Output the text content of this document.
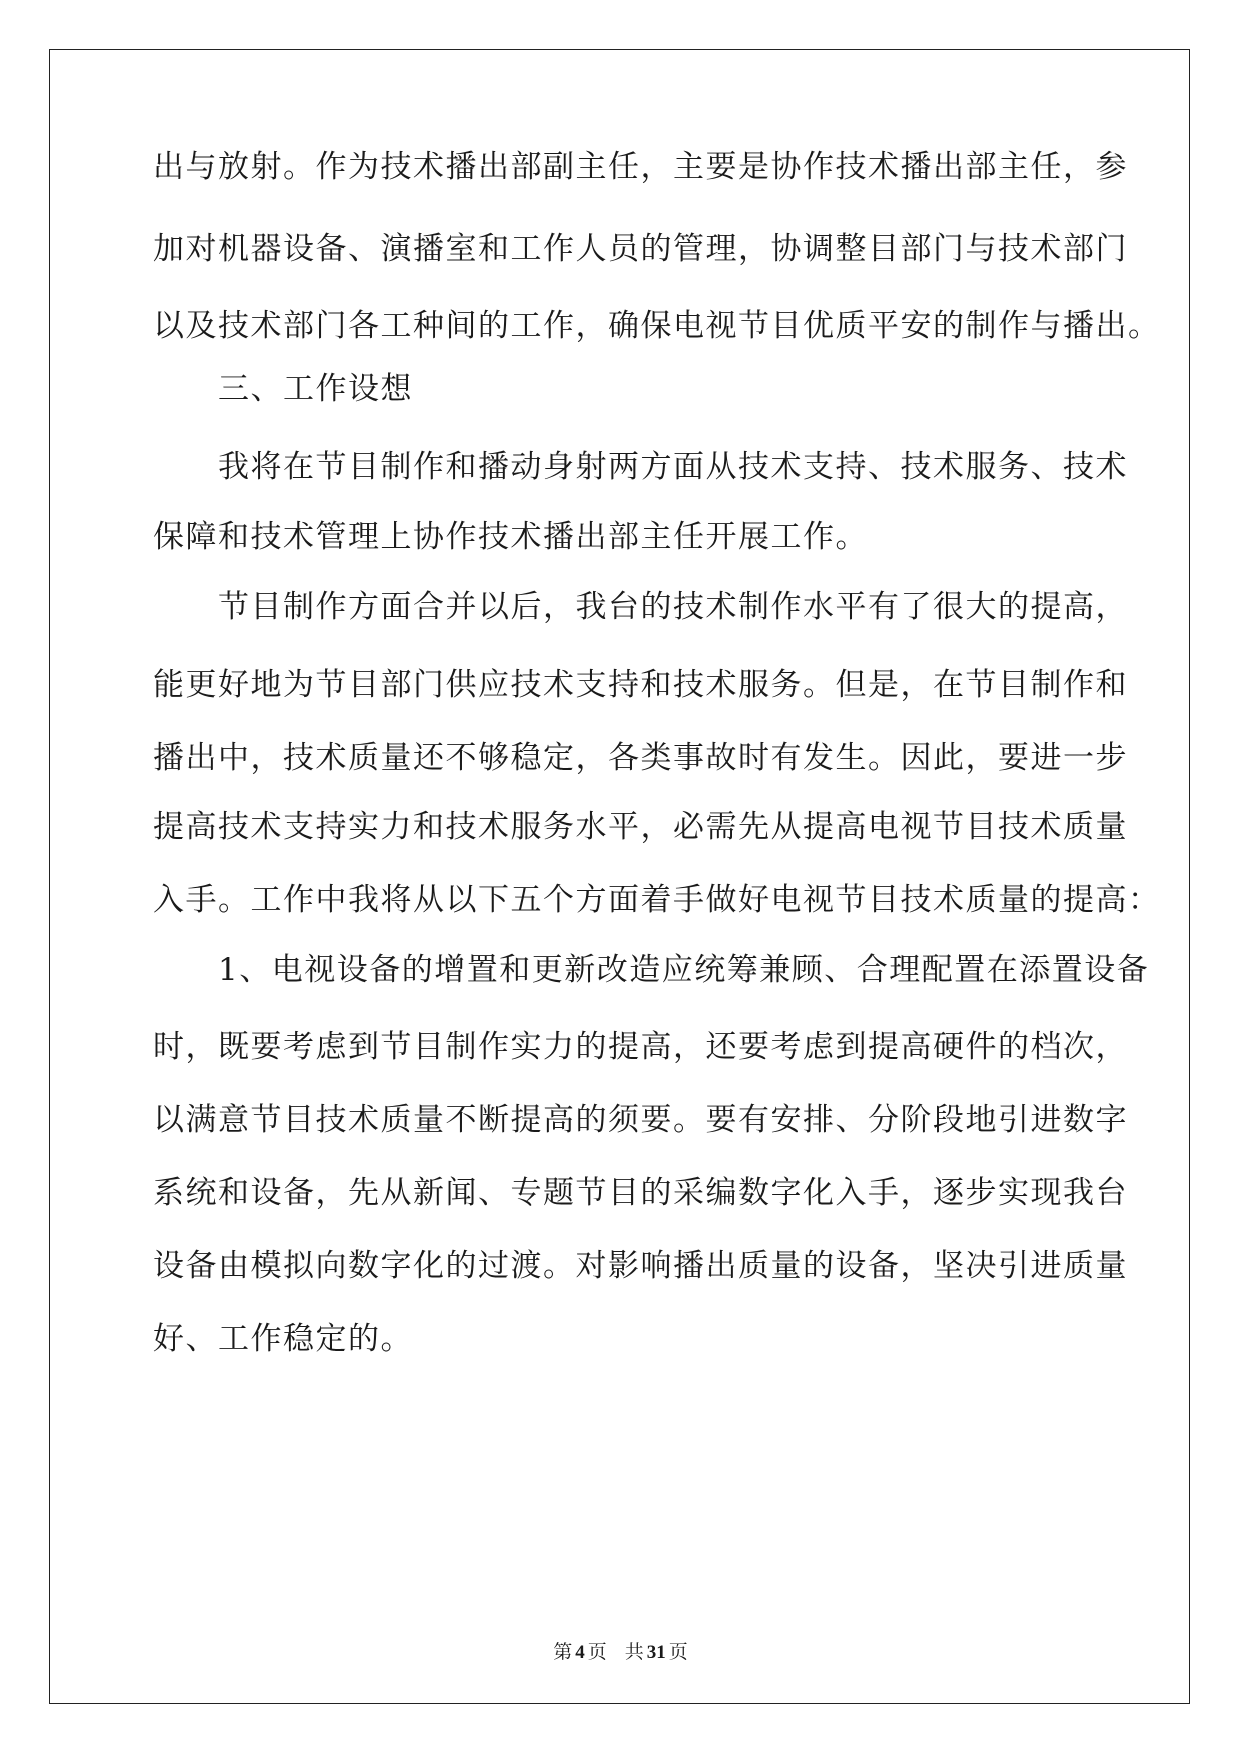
出与放射。作为技术播出部副主任，主要是协作技术播出部主任，参
加对机器设备、演播室和工作人员的管理，协调整目部门与技术部门
以及技术部门各工种间的工作，确保电视节目优质平安的制作与播出。
　　三、工作设想
　　我将在节目制作和播动身射两方面从技术支持、技术服务、技术
保障和技术管理上协作技术播出部主任开展工作。
　　节目制作方面合并以后，我台的技术制作水平有了很大的提高，
能更好地为节目部门供应技术支持和技术服务。但是，在节目制作和
播出中，技术质量还不够稳定，各类事故时有发生。因此，要进一步
提高技术支持实力和技术服务水平，必需先从提高电视节目技术质量
入手。工作中我将从以下五个方面着手做好电视节目技术质量的提高：
　　1、电视设备的增置和更新改造应统筹兼顾、合理配置在添置设备
时，既要考虑到节目制作实力的提高，还要考虑到提高硬件的档次，
以满意节目技术质量不断提高的须要。要有安排、分阶段地引进数字
系统和设备，先从新闻、专题节目的采编数字化入手，逐步实现我台
设备由模拟向数字化的过渡。对影响播出质量的设备，坚决引进质量
好、工作稳定的。
第 4 页 共 31 页
